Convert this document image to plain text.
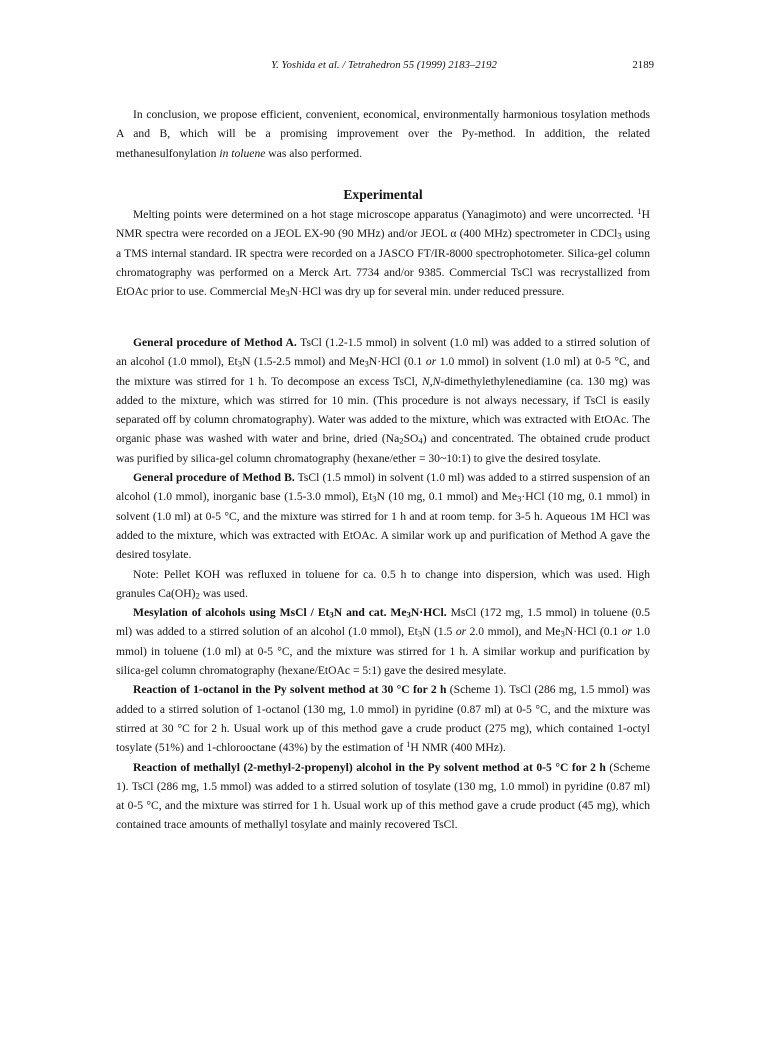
Y. Yoshida et al. / Tetrahedron 55 (1999) 2183–2192	2189

In conclusion, we propose efficient, convenient, economical, environmentally harmonious tosylation methods A and B, which will be a promising improvement over the Py-method. In addition, the related methanesulfonylation in toluene was also performed.

Experimental

Melting points were determined on a hot stage microscope apparatus (Yanagimoto) and were uncorrected. $^1$H NMR spectra were recorded on a JEOL EX-90 (90 MHz) and/or JEOL α (400 MHz) spectrometer in CDCl$_3$ using a TMS internal standard. IR spectra were recorded on a JASCO FT/IR-8000 spectrophotometer. Silica-gel column chromatography was performed on a Merck Art. 7734 and/or 9385. Commercial TsCl was recrystallized from EtOAc prior to use. Commercial $Me_3N\cdot HCl$ was dry up for several min. under reduced pressure.

General procedure of Method A. TsCl (1.2-1.5 mmol) in solvent (1.0 ml) was added to a stirred solution of an alcohol (1.0 mmol), $Et_3N$ (1.5-2.5 mmol) and $Me_3N\cdot HCl$ (0.1 or 1.0 mmol) in solvent (1.0 ml) at 0-5 °C, and the mixture was stirred for 1 h. To decompose an excess TsCl, N,N-dimethylethylenediamine (ca. 130 mg) was added to the mixture, which was stirred for 10 min. (This procedure is not always necessary, if TsCl is easily separated off by column chromatography). Water was added to the mixture, which was extracted with EtOAc. The organic phase was washed with water and brine, dried $(Na_2SO_4)$ and concentrated. The obtained crude product was purified by silica-gel column chromatography (hexane/ether = 30~10:1) to give the desired tosylate.

General procedure of Method B. TsCl (1.5 mmol) in solvent (1.0 ml) was added to a stirred suspension of an alcohol (1.0 mmol), inorganic base (1.5-3.0 mmol), $Et_3N$ (10 mg, 0.1 mmol) and $Me_3\cdot HCl$ (10 mg, 0.1 mmol) in solvent (1.0 ml) at 0-5 °C, and the mixture was stirred for 1 h and at room temp. for 3-5 h. Aqueous 1M HCl was added to the mixture, which was extracted with EtOAc. A similar work up and purification of Method A gave the desired tosylate.

Note: Pellet KOH was refluxed in toluene for ca. 0.5 h to change into dispersion, which was used. High granules $Ca(OH)_2$ was used.

Mesylation of alcohols using MsCl / $Et_3N$ and cat. $Me_3N\cdot HCl$. MsCl (172 mg, 1.5 mmol) in toluene (0.5 ml) was added to a stirred solution of an alcohol (1.0 mmol), $Et_3N$ (1.5 or 2.0 mmol), and $Me_3N\cdot HCl$ (0.1 or 1.0 mmol) in toluene (1.0 ml) at 0-5 °C, and the mixture was stirred for 1 h. A similar workup and purification by silica-gel column chromatography (hexane/EtOAc = 5:1) gave the desired mesylate.

Reaction of 1-octanol in the Py solvent method at 30 °C for 2 h (Scheme 1). TsCl (286 mg, 1.5 mmol) was added to a stirred solution of 1-octanol (130 mg, 1.0 mmol) in pyridine (0.87 ml) at 0-5 °C, and the mixture was stirred at 30 °C for 2 h. Usual work up of this method gave a crude product (275 mg), which contained 1-octyl tosylate (51%) and 1-chlorooctane (43%) by the estimation of $^1$H NMR (400 MHz).

Reaction of methallyl (2-methyl-2-propenyl) alcohol in the Py solvent method at 0-5 °C for 2 h (Scheme 1). TsCl (286 mg, 1.5 mmol) was added to a stirred solution of tosylate (130 mg, 1.0 mmol) in pyridine (0.87 ml) at 0-5 °C, and the mixture was stirred for 1 h. Usual work up of this method gave a crude product (45 mg), which contained trace amounts of methallyl tosylate and mainly recovered TsCl.
